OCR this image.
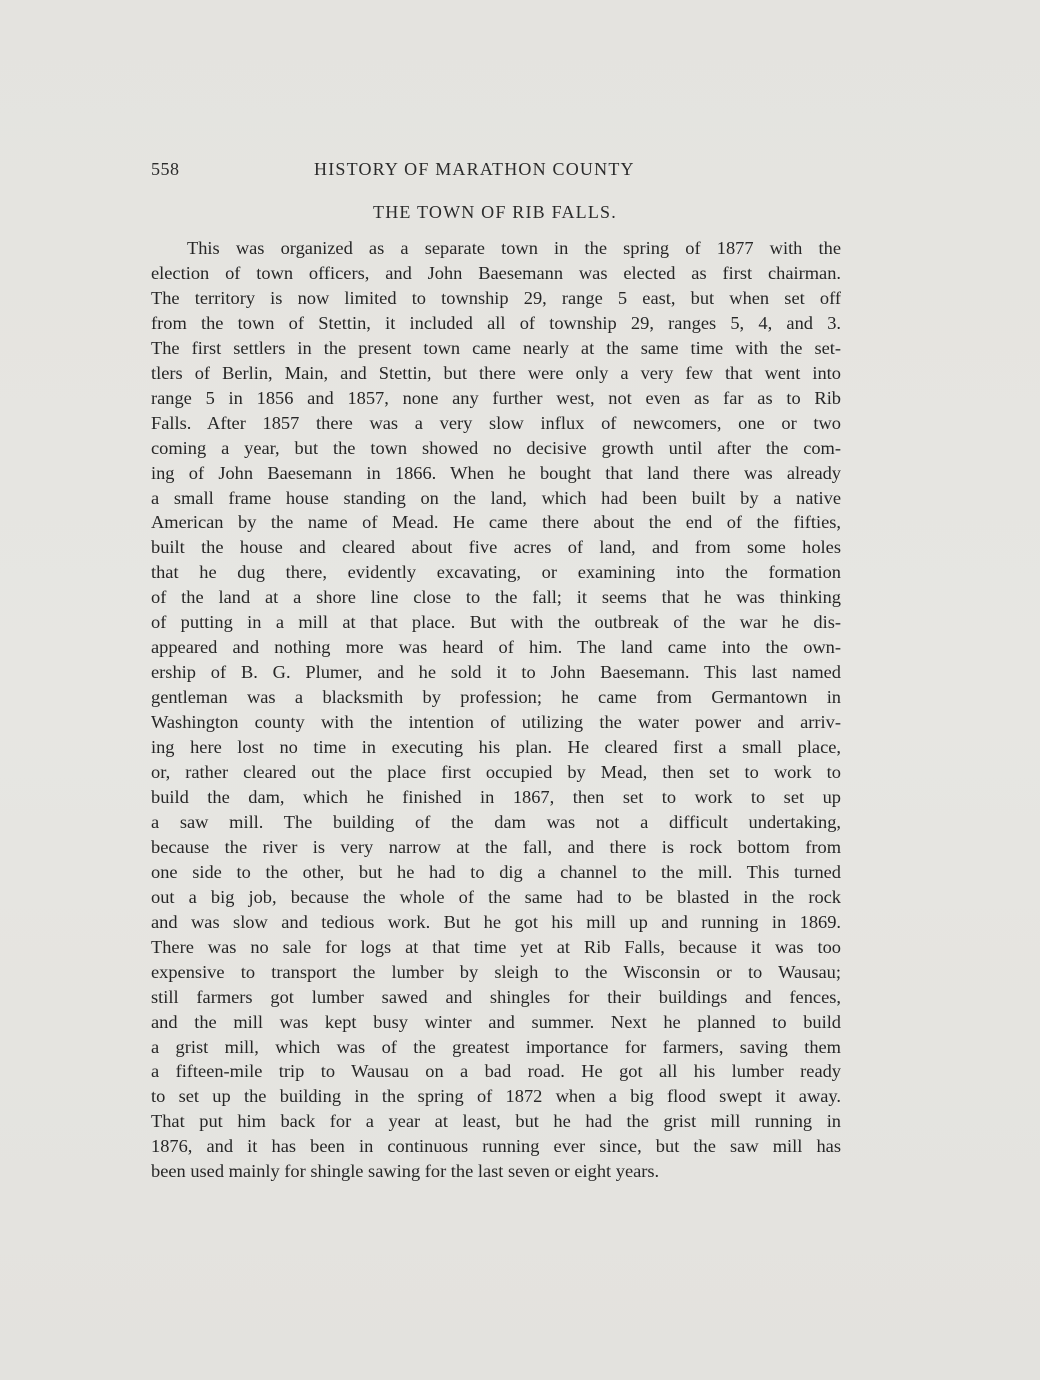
558	HISTORY OF MARATHON COUNTY
THE TOWN OF RIB FALLS.
This was organized as a separate town in the spring of 1877 with the
election of town officers, and John Baesemann was elected as first chairman.
The territory is now limited to township 29, range 5 east, but when set off
from the town of Stettin, it included all of township 29, ranges 5, 4, and 3.
The first settlers in the present town came nearly at the same time with the set-
tlers of Berlin, Main, and Stettin, but there were only a very few that went into
range 5 in 1856 and 1857, none any further west, not even as far as to Rib
Falls. After 1857 there was a very slow influx of newcomers, one or two
coming a year, but the town showed no decisive growth until after the com-
ing of John Baesemann in 1866. When he bought that land there was already
a small frame house standing on the land, which had been built by a native
American by the name of Mead. He came there about the end of the fifties,
built the house and cleared about five acres of land, and from some holes
that he dug there, evidently excavating, or examining into the formation
of the land at a shore line close to the fall; it seems that he was thinking
of putting in a mill at that place. But with the outbreak of the war he dis-
appeared and nothing more was heard of him. The land came into the own-
ership of B. G. Plumer, and he sold it to John Baesemann. This last named
gentleman was a blacksmith by profession; he came from Germantown in
Washington county with the intention of utilizing the water power and arriv-
ing here lost no time in executing his plan. He cleared first a small place,
or, rather cleared out the place first occupied by Mead, then set to work to
build the dam, which he finished in 1867, then set to work to set up
a saw mill. The building of the dam was not a difficult undertaking,
because the river is very narrow at the fall, and there is rock bottom from
one side to the other, but he had to dig a channel to the mill. This turned
out a big job, because the whole of the same had to be blasted in the rock
and was slow and tedious work. But he got his mill up and running in 1869.
There was no sale for logs at that time yet at Rib Falls, because it was too
expensive to transport the lumber by sleigh to the Wisconsin or to Wausau;
still farmers got lumber sawed and shingles for their buildings and fences,
and the mill was kept busy winter and summer. Next he planned to build
a grist mill, which was of the greatest importance for farmers, saving them
a fifteen-mile trip to Wausau on a bad road. He got all his lumber ready
to set up the building in the spring of 1872 when a big flood swept it away.
That put him back for a year at least, but he had the grist mill running in
1876, and it has been in continuous running ever since, but the saw mill has
been used mainly for shingle sawing for the last seven or eight years.
